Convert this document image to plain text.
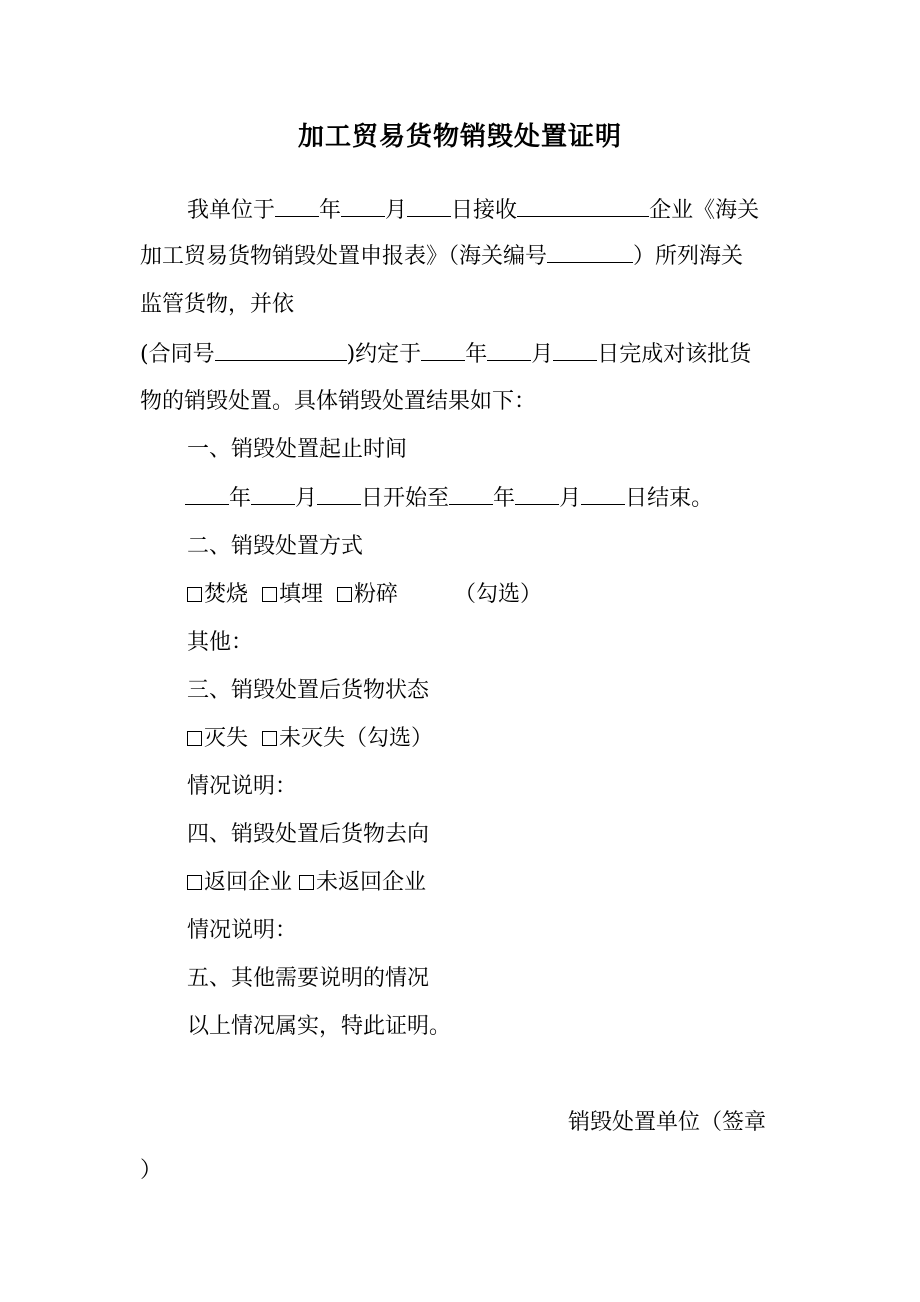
加工贸易货物销毁处置证明
我单位于 年 月 日接收	企业《海关
加工贸易货物销毁处置申报表》（海关编号	）所列海关
监管货物，并依
(合同号	)约定于 年 月 日完成对该批货
物的销毁处置。具体销毁处置结果如下：
一、销毁处置起止时间
年 月 日开始至 年 月 日结束。
二、销毁处置方式
焚烧 填埋 粉碎	（勾选）
其他：
三、销毁处置后货物状态
灭失 未灭失（勾选）
情况说明：
四、销毁处置后货物去向
返回企业 未返回企业
情况说明：
五、其他需要说明的情况
以上情况属实，特此证明。
销毁处置单位（签章
）
